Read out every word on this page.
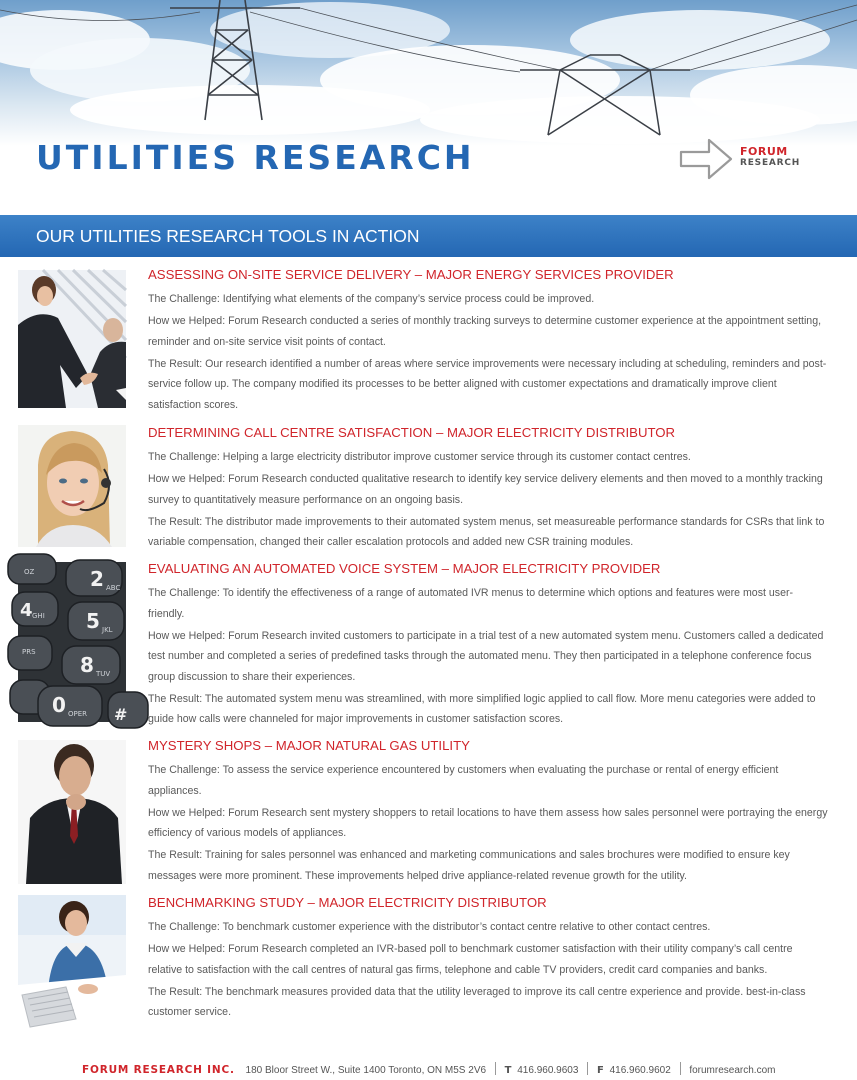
UTILITIES RESEARCH	FORUM
RESEARCH
OUR UTILITIES RESEARCH TOOLS IN ACTION
ASSESSING ON-SITE SERVICE DELIVERY – MAJOR ENERGY SERVICES PROVIDER

The Challenge: Identifying what elements of the company’s service process could be improved.

How we Helped: Forum Research conducted a series of monthly tracking surveys to determine customer experience at the appointment setting, reminder and on-site service visit points of contact.

The Result: Our research identified a number of areas where service improvements were necessary including at scheduling, reminders and post-service follow up. The company modified its processes to be better aligned with customer expectations and dramatically improve client satisfaction scores.

DETERMINING CALL CENTRE SATISFACTION – MAJOR ELECTRICITY DISTRIBUTOR

The Challenge: Helping a large electricity distributor improve customer service through its customer contact centres.

How we Helped: Forum Research conducted qualitative research to identify key service delivery elements and then moved to a monthly tracking survey to quantitatively measure performance on an ongoing basis.

The Result: The distributor made improvements to their automated system menus, set measureable performance standards for CSRs that link to variable compensation, changed their caller escalation protocols and added new CSR training modules.

OZ	2 ABC
4 GHI 5 JKL
PRS
8 TUV
0 OPER #
EVALUATING AN AUTOMATED VOICE SYSTEM – MAJOR ELECTRICITY PROVIDER

The Challenge: To identify the effectiveness of a range of automated IVR menus to determine which options and features were most user-friendly.

How we Helped: Forum Research invited customers to participate in a trial test of a new automated system menu. Customers called a dedicated test number and completed a series of predefined tasks through the automated menu. They then participated in a telephone conference focus group discussion to share their experiences.

The Result: The automated system menu was streamlined, with more simplified logic applied to call flow. More menu categories were added to guide how calls were channeled for major improvements in customer satisfaction scores.

MYSTERY SHOPS – MAJOR NATURAL GAS UTILITY

The Challenge: To assess the service experience encountered by customers when evaluating the purchase or rental of energy efficient appliances.

How we Helped: Forum Research sent mystery shoppers to retail locations to have them assess how sales personnel were portraying the energy efficiency of various models of appliances.

The Result: Training for sales personnel was enhanced and marketing communications and sales brochures were modified to ensure key messages were more prominent. These improvements helped drive appliance-related revenue growth for the utility.

BENCHMARKING STUDY – MAJOR ELECTRICITY DISTRIBUTOR

The Challenge: To benchmark customer experience with the distributor’s contact centre relative to other contact centres.

How we Helped: Forum Research completed an IVR-based poll to benchmark customer satisfaction with their utility company’s call centre relative to satisfaction with the call centres of natural gas firms, telephone and cable TV providers, credit card companies and banks.

The Result: The benchmark measures provided data that the utility leveraged to improve its call centre experience and provide. best-in-class customer service.

FORUM RESEARCH INC. 180 Bloor Street W., Suite 1400 Toronto, ON M5S 2V6 T 416.960.9603 F 416.960.9602 forumresearch.com
